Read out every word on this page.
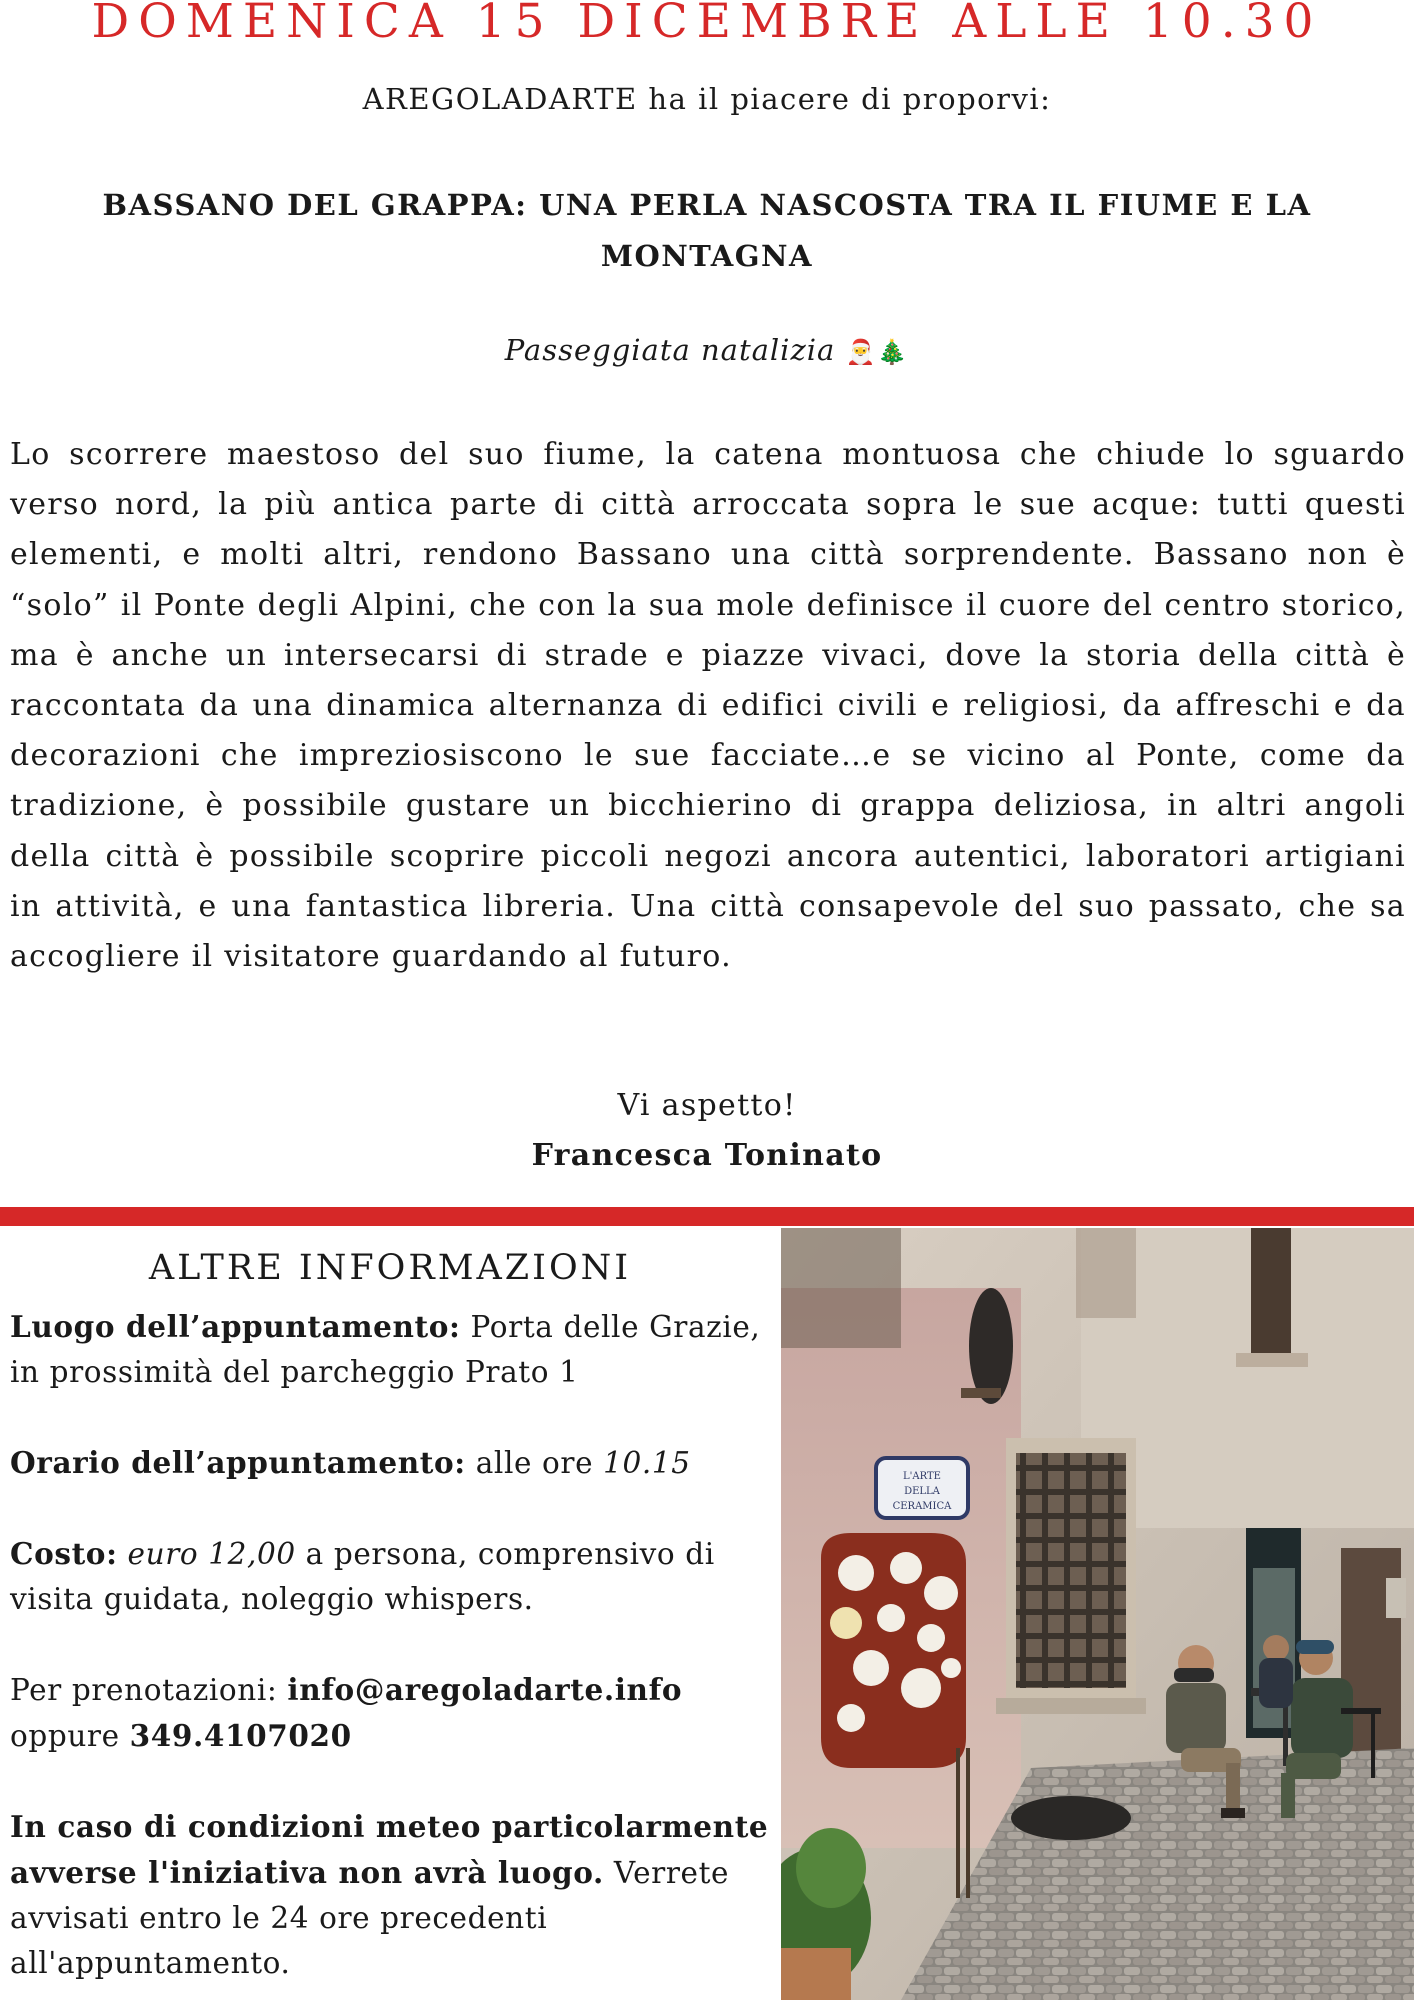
DOMENICA 15 DICEMBRE ALLE 10.30
AREGOLADARTE ha il piacere di proporvi:
BASSANO DEL GRAPPA: UNA PERLA NASCOSTA TRA IL FIUME E LA MONTAGNA
Passeggiata natalizia 🎅🎄
Lo scorrere maestoso del suo fiume, la catena montuosa che chiude lo sguardo verso nord, la più antica parte di città arroccata sopra le sue acque: tutti questi elementi, e molti altri, rendono Bassano una città sorprendente. Bassano non è “solo” il Ponte degli Alpini, che con la sua mole definisce il cuore del centro storico, ma è anche un intersecarsi di strade e piazze vivaci, dove la storia della città è raccontata da una dinamica alternanza di edifici civili e religiosi, da affreschi e da decorazioni che impreziosiscono le sue facciate…e se vicino al Ponte, come da tradizione, è possibile gustare un bicchierino di grappa deliziosa, in altri angoli della città è possibile scoprire piccoli negozi ancora autentici, laboratori artigiani in attività, e una fantastica libreria. Una città consapevole del suo passato, che sa accogliere il visitatore guardando al futuro.
Vi aspetto!
Francesca Toninato
ALTRE INFORMAZIONI

Luogo dell’appuntamento: Porta delle Grazie, in prossimità del parcheggio Prato 1

Orario dell’appuntamento: alle ore 10.15

Costo: euro 12,00 a persona, comprensivo di visita guidata, noleggio whispers.

Per prenotazioni: info@aregoladarte.info oppure 349.4107020

In caso di condizioni meteo particolarmente avverse l'iniziativa non avrà luogo. Verrete avvisati entro le 24 ore precedenti all'appuntamento.

L'ARTE
DELLA
CERAMICA
